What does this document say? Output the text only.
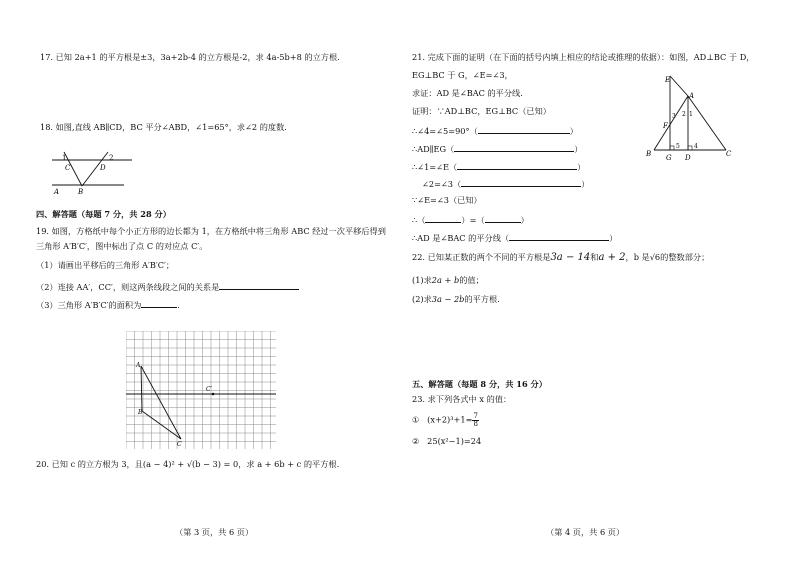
17. 已知 2a+1 的平方根是±3，3a+2b-4 的立方根是-2，求 4a-5b+8 的立方根.
18. 如图,直线 AB∥CD，BC 平分∠ABD，∠1=65°，求∠2 的度数.
1	2
C	D
A	B
四、解答题（每题 7 分，共 28 分）
19. 如图，方格纸中每个小正方形的边长都为 1，在方格纸中将三角形 ABC 经过一次平移后得到
三角形 A′B′C′，图中标出了点 C 的对应点 C′。
（1）请画出平移后的三角形 A′B′C′；
（2）连接 AA′，CC′，则这两条线段之间的关系是
（3）三角形 A′B′C′的面积为	.
A
B
C
C′
20. 已知 c 的立方根为 3，且(a − 4)² + √(b − 3) = 0，求 a + 6b + c 的平方根.
（第 3 页，共 6 页）
21. 完成下面的证明（在下面的括号内填上相应的结论或推理的依据）：如图，AD⊥BC 于 D，
EG⊥BC 于 G，∠E=∠3，
求证：AD 是∠BAC 的平分线.
证明：∵AD⊥BC，EG⊥BC（已知）
∴∠4=∠5=90°（	）
∴AD∥EG（	）
∴∠1=∠E（	）
∠2=∠3（	）
∵∠E=∠3（已知）
∴（	）=（	）
∴AD 是∠BAC 的平分线（	）
E
A
F
3 2 1
B G
5
D
4
C
22. 已知某正数的两个不同的平方根是3a − 14和a + 2，b 是√6的整数部分；
(1)求2a + b的值；
(2)求3a − 2b的平方根.
五、解答题（每题 8 分，共 16 分）
23. 求下列各式中 x 的值：
① $(x+2)^3+1= \frac{7}{8}$
② 25(x²−1)=24
（第 4 页，共 6 页）
